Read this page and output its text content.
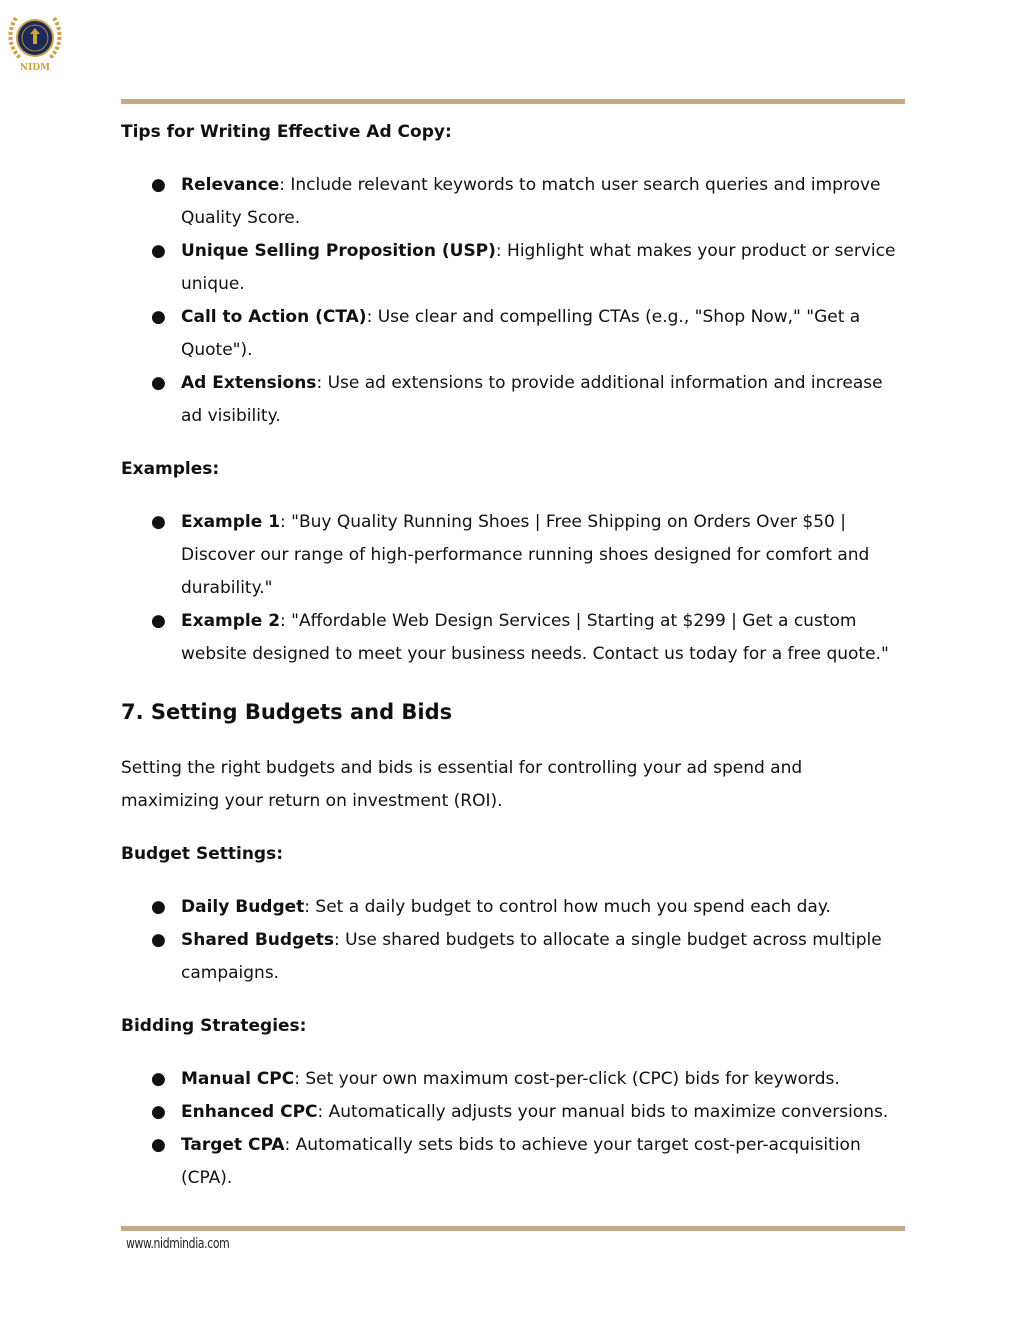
NIDM

Tips for Writing Effective Ad Copy:

● Relevance: Include relevant keywords to match user search queries and improve Quality Score.
● Unique Selling Proposition (USP): Highlight what makes your product or service unique.
● Call to Action (CTA): Use clear and compelling CTAs (e.g., "Shop Now," "Get a Quote").
● Ad Extensions: Use ad extensions to provide additional information and increase ad visibility.

Examples:

● Example 1: "Buy Quality Running Shoes | Free Shipping on Orders Over $50 | Discover our range of high-performance running shoes designed for comfort and durability."
● Example 2: "Affordable Web Design Services | Starting at $299 | Get a custom website designed to meet your business needs. Contact us today for a free quote."

7. Setting Budgets and Bids

Setting the right budgets and bids is essential for controlling your ad spend and maximizing your return on investment (ROI).

Budget Settings:

● Daily Budget: Set a daily budget to control how much you spend each day.
● Shared Budgets: Use shared budgets to allocate a single budget across multiple campaigns.

Bidding Strategies:

● Manual CPC: Set your own maximum cost-per-click (CPC) bids for keywords.
● Enhanced CPC: Automatically adjusts your manual bids to maximize conversions.
● Target CPA: Automatically sets bids to achieve your target cost-per-acquisition (CPA).
www.nidmindia.com
